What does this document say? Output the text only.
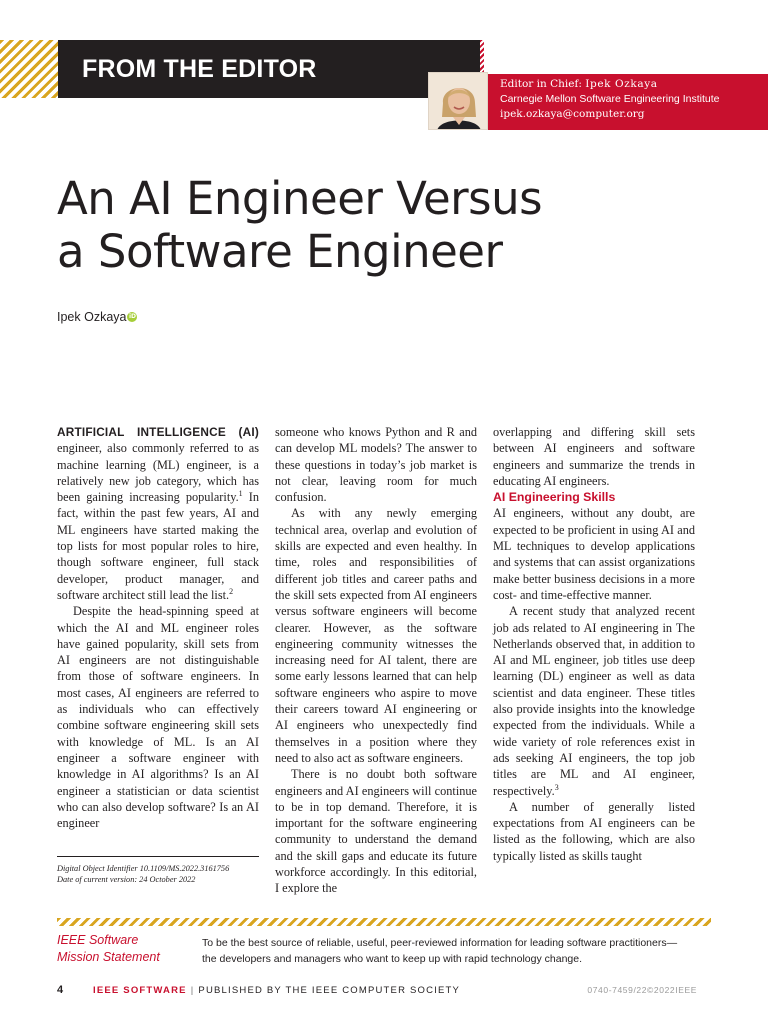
FROM THE EDITOR
Editor in Chief: Ipek Ozkaya
Carnegie Mellon Software Engineering Institute
ipek.ozkaya@computer.org
An AI Engineer Versus
a Software Engineer
Ipek Ozkaya iD

ARTIFICIAL INTELLIGENCE (AI) engineer, also commonly referred to as machine learning (ML) engineer, is a relatively new job category, which has been gaining increasing popularity.$^1$ In fact, within the past few years, AI and ML engineers have started making the top lists for most popular roles to hire, though software engineer, full stack developer, product manager, and software architect still lead the list.$^2$

Despite the head-spinning speed at which the AI and ML engineer roles have gained popularity, skill sets from AI engineers are not distinguishable from those of software engineers. In most cases, AI engineers are referred to as individuals who can effectively combine software engineering skill sets with knowledge of ML. Is an AI engineer a software engineer with knowledge in AI algorithms? Is an AI engineer a statistician or data scientist who can also develop software? Is an AI engineer

Digital Object Identifier 10.1109/MS.2022.3161756
Date of current version: 24 October 2022

someone who knows Python and R and can develop ML models? The answer to these questions in today’s job market is not clear, leaving room for much confusion.

As with any newly emerging technical area, overlap and evolution of skills are expected and even healthy. In time, roles and responsibilities of different job titles and career paths and the skill sets expected from AI engineers versus software engineers will become clearer. However, as the software engineering community witnesses the increasing need for AI talent, there are some early lessons learned that can help software engineers who aspire to move their careers toward AI engineering or AI engineers who unexpectedly find themselves in a position where they need to also act as software engineers.

There is no doubt both software engineers and AI engineers will continue to be in top demand. Therefore, it is important for the software engineering community to understand the demand and the skill gaps and educate its future workforce accordingly. In this editorial, I explore the

overlapping and differing skill sets between AI engineers and software engineers and summarize the trends in educating AI engineers.

AI Engineering Skills

AI engineers, without any doubt, are expected to be proficient in using AI and ML techniques to develop applications and systems that can assist organizations make better business decisions in a more cost- and time-effective manner.

A recent study that analyzed recent job ads related to AI engineering in The Netherlands observed that, in addition to AI and ML engineer, job titles use deep learning (DL) engineer as well as data scientist and data engineer. These titles also provide insights into the knowledge expected from the individuals. While a wide variety of role references exist in ads seeking AI engineers, the top job titles are ML and AI engineer, respectively.$^3$

A number of generally listed expectations from AI engineers can be listed as the following, which are also typically listed as skills taught

IEEE Software
Mission Statement
To be the best source of reliable, useful, peer-reviewed information for leading software practitioners—
the developers and managers who want to keep up with rapid technology change.
4	IEEE SOFTWARE | PUBLISHED BY THE IEEE COMPUTER SOCIETY	0740-7459/22©2022IEEE
